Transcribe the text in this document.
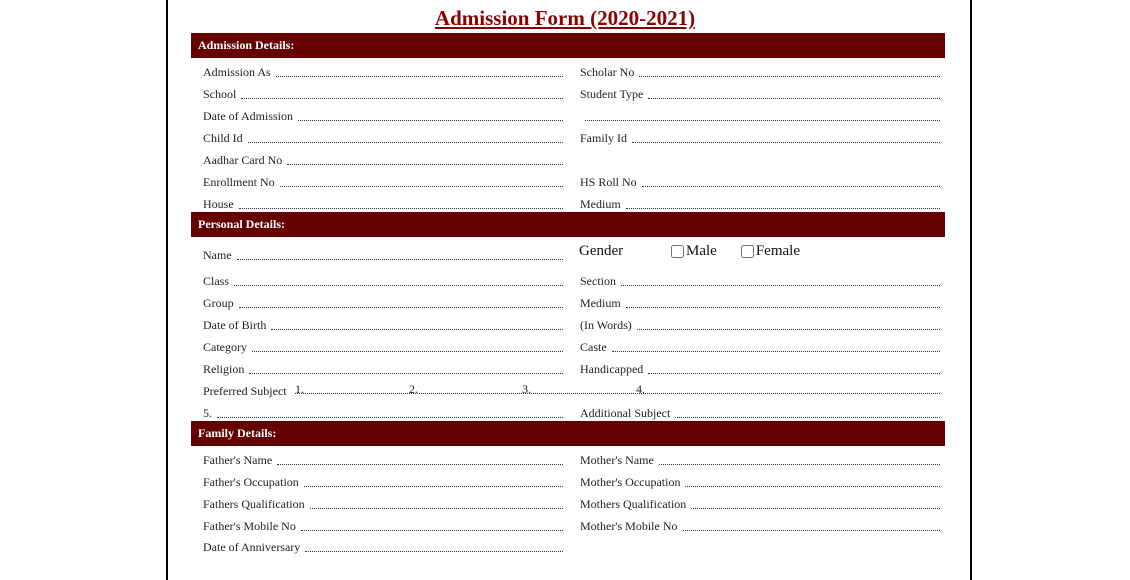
Admission Form (2020-2021)
Admission Details:
Admission As	Scholar No
School	Student Type
Date of Admission
Child Id	Family Id
Aadhar Card No
Enrollment No	HS Roll No
House	Medium
Personal Details:
Name	Gender	Male	Female
Class	Section
Group	Medium
Date of Birth	(In Words)
Category	Caste
Religion	Handicapped
Preferred Subject 1.	2.	3.	4.
5.	Additional Subject
Family Details:
Father's Name	Mother's Name
Father's Occupation	Mother's Occupation
Fathers Qualification	Mothers Qualification
Father's Mobile No	Mother's Mobile No
Date of Anniversary
